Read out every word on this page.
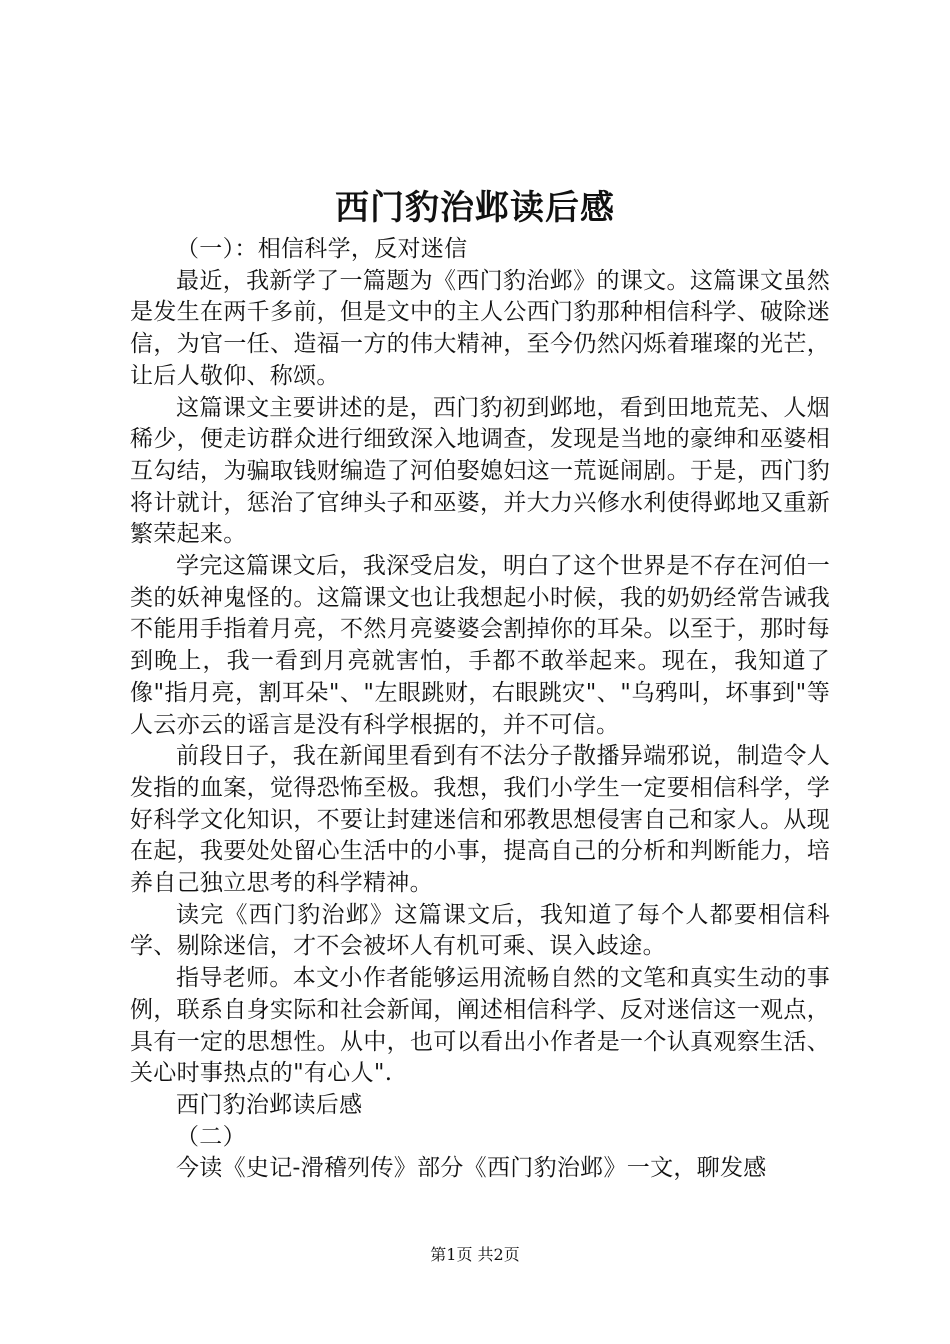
西门豹治邺读后感

（一）：相信科学，反对迷信

最近，我新学了一篇题为《西门豹治邺》的课文。这篇课文虽然是发生在两千多前，但是文中的主人公西门豹那种相信科学、破除迷信，为官一任、造福一方的伟大精神，至今仍然闪烁着璀璨的光芒，让后人敬仰、称颂。

这篇课文主要讲述的是，西门豹初到邺地，看到田地荒芜、人烟稀少，便走访群众进行细致深入地调查，发现是当地的豪绅和巫婆相互勾结，为骗取钱财编造了河伯娶媳妇这一荒诞闹剧。于是，西门豹将计就计，惩治了官绅头子和巫婆，并大力兴修水利使得邺地又重新繁荣起来。

学完这篇课文后，我深受启发，明白了这个世界是不存在河伯一类的妖神鬼怪的。这篇课文也让我想起小时候，我的奶奶经常告诫我不能用手指着月亮，不然月亮婆婆会割掉你的耳朵。以至于，那时每到晚上，我一看到月亮就害怕，手都不敢举起来。现在，我知道了像"指月亮，割耳朵"、"左眼跳财，右眼跳灾"、"乌鸦叫，坏事到"等人云亦云的谣言是没有科学根据的，并不可信。

前段日子，我在新闻里看到有不法分子散播异端邪说，制造令人发指的血案，觉得恐怖至极。我想，我们小学生一定要相信科学，学好科学文化知识，不要让封建迷信和邪教思想侵害自己和家人。从现在起，我要处处留心生活中的小事，提高自己的分析和判断能力，培养自己独立思考的科学精神。

读完《西门豹治邺》这篇课文后，我知道了每个人都要相信科学、剔除迷信，才不会被坏人有机可乘、误入歧途。

指导老师。本文小作者能够运用流畅自然的文笔和真实生动的事例，联系自身实际和社会新闻，阐述相信科学、反对迷信这一观点，具有一定的思想性。从中，也可以看出小作者是一个认真观察生活、关心时事热点的"有心人".

西门豹治邺读后感

（二）

今读《史记-滑稽列传》部分《西门豹治邺》一文，聊发感

第1页 共2页
